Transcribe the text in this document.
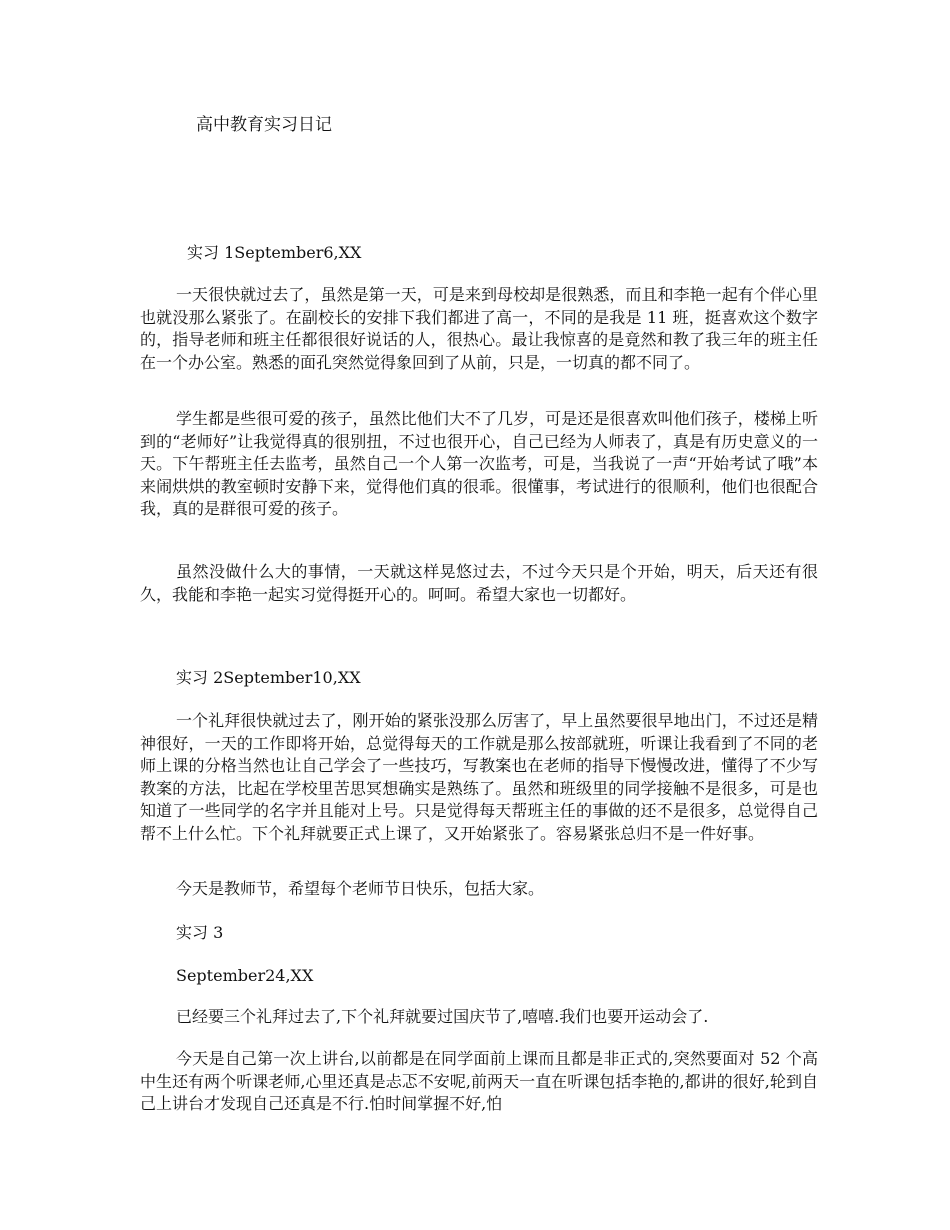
高中教育实习日记
实习 1September6,XX

一天很快就过去了，虽然是第一天，可是来到母校却是很熟悉，而且和李艳一起有个伴心里也就没那么紧张了。在副校长的安排下我们都进了高一，不同的是我是 11 班，挺喜欢这个数字的，指导老师和班主任都很很好说话的人，很热心。最让我惊喜的是竟然和教了我三年的班主任在一个办公室。熟悉的面孔突然觉得象回到了从前，只是，一切真的都不同了。

学生都是些很可爱的孩子，虽然比他们大不了几岁，可是还是很喜欢叫他们孩子，楼梯上听到的“老师好”让我觉得真的很别扭，不过也很开心，自己已经为人师表了，真是有历史意义的一天。下午帮班主任去监考，虽然自己一个人第一次监考，可是，当我说了一声“开始考试了哦”本来闹烘烘的教室顿时安静下来，觉得他们真的很乖。很懂事，考试进行的很顺利，他们也很配合我，真的是群很可爱的孩子。

虽然没做什么大的事情，一天就这样晃悠过去，不过今天只是个开始，明天，后天还有很久，我能和李艳一起实习觉得挺开心的。呵呵。希望大家也一切都好。

实习 2September10,XX

一个礼拜很快就过去了，刚开始的紧张没那么厉害了，早上虽然要很早地出门，不过还是精神很好，一天的工作即将开始，总觉得每天的工作就是那么按部就班，听课让我看到了不同的老师上课的分格当然也让自己学会了一些技巧，写教案也在老师的指导下慢慢改进，懂得了不少写教案的方法，比起在学校里苦思冥想确实是熟练了。虽然和班级里的同学接触不是很多，可是也知道了一些同学的名字并且能对上号。只是觉得每天帮班主任的事做的还不是很多，总觉得自己帮不上什么忙。下个礼拜就要正式上课了，又开始紧张了。容易紧张总归不是一件好事。

今天是教师节，希望每个老师节日快乐，包括大家。

实习 3
September24,XX

已经要三个礼拜过去了,下个礼拜就要过国庆节了,嘻嘻.我们也要开运动会了.

今天是自己第一次上讲台,以前都是在同学面前上课而且都是非正式的,突然要面对 52 个高中生还有两个听课老师,心里还真是忐忑不安呢,前两天一直在听课包括李艳的,都讲的很好,轮到自己上讲台才发现自己还真是不行.怕时间掌握不好,怕
